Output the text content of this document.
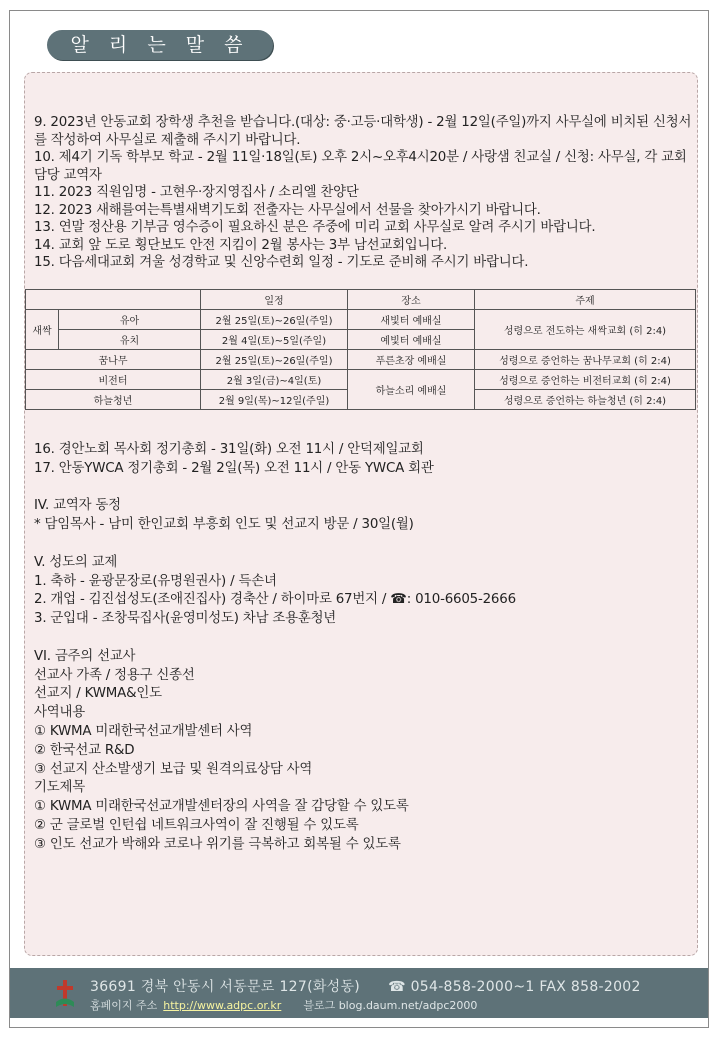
알 리 는 말 씀

9. 2023년 안동교회 장학생 추천을 받습니다.(대상: 중·고등·대학생) - 2월 12일(주일)까지 사무실에 비치된 신청서를 작성하여 사무실로 제출해 주시기 바랍니다.

10. 제4기 기독 학부모 학교 - 2월 11일·18일(토) 오후 2시~오후4시20분 / 사랑샘 친교실 / 신청: 사무실, 각 교회담당 교역자

11. 2023 직원임명 - 고현우·장지영집사 / 소리엘 찬양단

12. 2023 새해를여는특별새벽기도회 전출자는 사무실에서 선물을 찾아가시기 바랍니다.

13. 연말 정산용 기부금 영수증이 필요하신 분은 주중에 미리 교회 사무실로 알려 주시기 바랍니다.

14. 교회 앞 도로 횡단보도 안전 지킴이 2월 봉사는 3부 남선교회입니다.

15. 다음세대교회 겨울 성경학교 및 신앙수련회 일정 - 기도로 준비해 주시기 바랍니다.

		일정	장소	주제
새싹	유아	2월 25일(토)~26일(주일)	새빛터 예배실	성령으로 전도하는 새싹교회 (히 2:4)
	유치	2월 4일(토)~5일(주일)	예빛터 예배실	
꿈나무		2월 25일(토)~26일(주일)	푸른초장 예배실	성령으로 증언하는 꿈나무교회 (히 2:4)
비전터		2월 3일(금)~4일(토)	하늘소리 예배실	성령으로 증언하는 비전터교회 (히 2:4)
하늘청년		2월 9일(목)~12일(주일)		성령으로 증언하는 하늘청년 (히 2:4)

16. 경안노회 목사회 정기총회 - 31일(화) 오전 11시 / 안덕제일교회

17. 안동YWCA 정기총회 - 2월 2일(목) 오전 11시 / 안동 YWCA 회관

IV. 교역자 동정

* 담임목사 - 남미 한인교회 부흥회 인도 및 선교지 방문 / 30일(월)

V. 성도의 교제

1. 축하 - 윤광문장로(유명원권사) / 득손녀

2. 개업 - 김진섭성도(조애진집사) 경축산 / 하이마로 67번지 / ☎: 010-6605-2666

3. 군입대 - 조창묵집사(윤영미성도) 차남 조용훈청년

VI. 금주의 선교사

선교사 가족 / 정용구 신종선

선교지 / KWMA&인도

사역내용

① KWMA 미래한국선교개발센터 사역

② 한국선교 R&D

③ 선교지 산소발생기 보급 및 원격의료상담 사역

기도제목

① KWMA 미래한국선교개발센터장의 사역을 잘 감당할 수 있도록

② 군 글로벌 인턴쉽 네트워크사역이 잘 진행될 수 있도록

③ 인도 선교가 박해와 코로나 위기를 극복하고 회복될 수 있도록

36691 경북 안동시 서동문로 127(화성동) ☎ 054-858-2000~1 FAX 858-2002
홈페이지 주소 http://www.adpc.or.kr 블로그 blog.daum.net/adpc2000
